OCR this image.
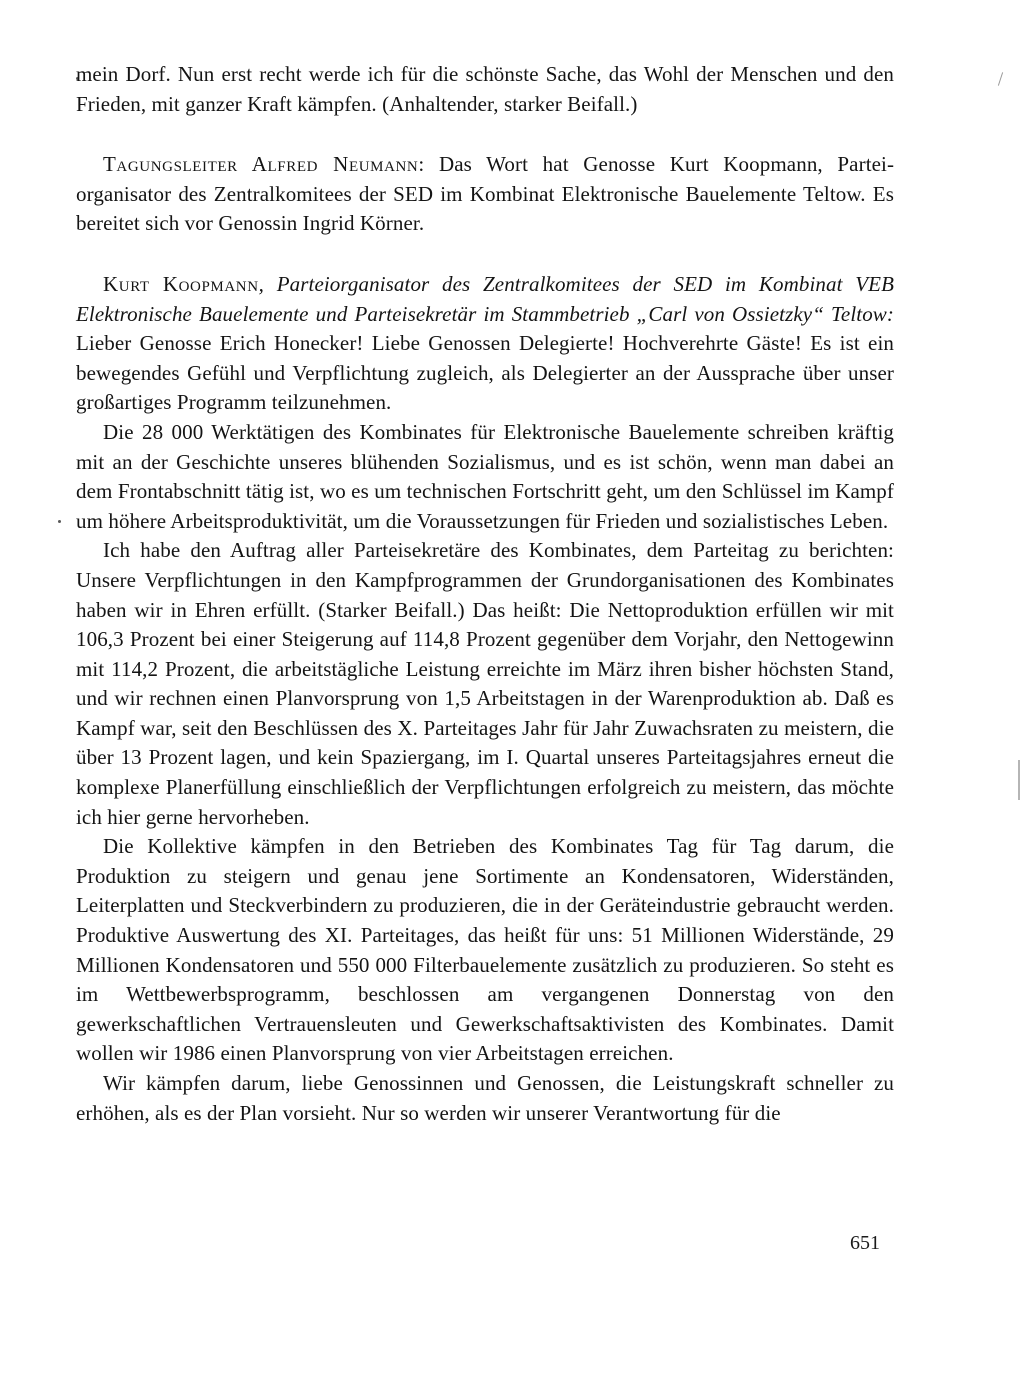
mein Dorf. Nun erst recht werde ich für die schönste Sache, das Wohl der Menschen und den Frieden, mit ganzer Kraft kämpfen. (Anhaltender, starker Beifall.)

Tagungsleiter Alfred Neumann: Das Wort hat Genosse Kurt Koopmann, Parteiorganisator des Zentralkomitees der SED im Kombinat Elektronische Bauelemente Teltow. Es bereitet sich vor Genossin Ingrid Körner.

Kurt Koopmann, Parteiorganisator des Zentralkomitees der SED im Kombinat VEB Elektronische Bauelemente und Parteisekretär im Stammbetrieb „Carl von Ossietzky“ Teltow: Lieber Genosse Erich Honecker! Liebe Genossen Delegierte! Hochverehrte Gäste! Es ist ein bewegendes Gefühl und Verpflichtung zugleich, als Delegierter an der Aussprache über unser großartiges Programm teilzunehmen.

Die 28 000 Werktätigen des Kombinates für Elektronische Bauelemente schreiben kräftig mit an der Geschichte unseres blühenden Sozialismus, und es ist schön, wenn man dabei an dem Frontabschnitt tätig ist, wo es um technischen Fortschritt geht, um den Schlüssel im Kampf um höhere Arbeitsproduktivität, um die Voraussetzungen für Frieden und sozialistisches Leben.

Ich habe den Auftrag aller Parteisekretäre des Kombinates, dem Parteitag zu berichten: Unsere Verpflichtungen in den Kampfprogrammen der Grundorganisationen des Kombinates haben wir in Ehren erfüllt. (Starker Beifall.) Das heißt: Die Nettoproduktion erfüllen wir mit 106,3 Prozent bei einer Steigerung auf 114,8 Prozent gegenüber dem Vorjahr, den Nettogewinn mit 114,2 Prozent, die arbeitstägliche Leistung erreichte im März ihren bisher höchsten Stand, und wir rechnen einen Planvorsprung von 1,5 Arbeitstagen in der Warenproduktion ab. Daß es Kampf war, seit den Beschlüssen des X. Parteitages Jahr für Jahr Zuwachsraten zu meistern, die über 13 Prozent lagen, und kein Spaziergang, im I. Quartal unseres Parteitagsjahres erneut die komplexe Planerfüllung einschließlich der Verpflichtungen erfolgreich zu meistern, das möchte ich hier gerne hervorheben.

Die Kollektive kämpfen in den Betrieben des Kombinates Tag für Tag darum, die Produktion zu steigern und genau jene Sortimente an Kondensatoren, Widerständen, Leiterplatten und Steckverbindern zu produzieren, die in der Geräteindustrie gebraucht werden. Produktive Auswertung des XI. Parteitages, das heißt für uns: 51 Millionen Widerstände, 29 Millionen Kondensatoren und 550 000 Filterbauelemente zusätzlich zu produzieren. So steht es im Wettbewerbsprogramm, beschlossen am vergangenen Donnerstag von den gewerkschaftlichen Vertrauensleuten und Gewerkschaftsaktivisten des Kombinates. Damit wollen wir 1986 einen Planvorsprung von vier Arbeitstagen erreichen.

Wir kämpfen darum, liebe Genossinnen und Genossen, die Leistungskraft schneller zu erhöhen, als es der Plan vorsieht. Nur so werden wir unserer Verantwortung für die

651
